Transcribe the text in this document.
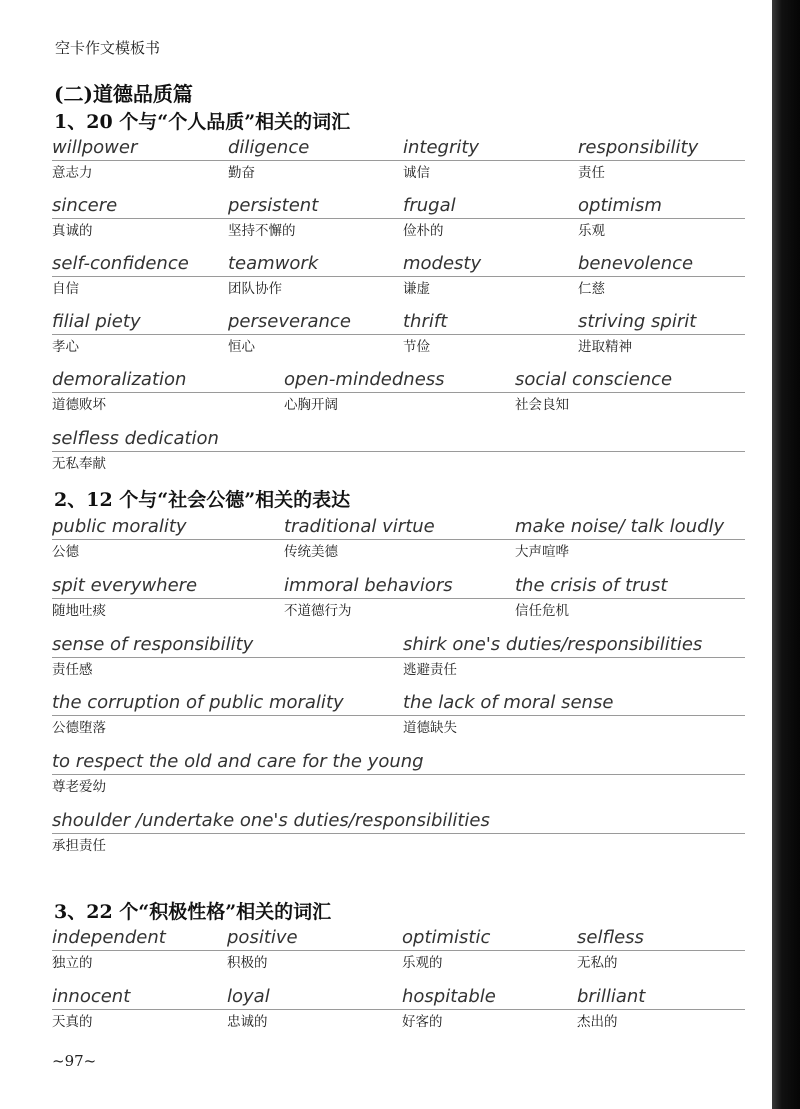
空卡作文模板书
(二)道德品质篇
1、20 个与“个人品质”相关的词汇
willpower
意志力
diligence
勤奋
integrity
诚信
responsibility
责任
sincere
真诚的
persistent
坚持不懈的
frugal
俭朴的
optimism
乐观
self-confidence
自信
teamwork
团队协作
modesty
谦虚
benevolence
仁慈
filial piety
孝心
perseverance
恒心
thrift
节俭
striving spirit
进取精神
demoralization
道德败坏
open-mindedness
心胸开阔
social conscience
社会良知
selfless dedication
无私奉献
2、12 个与“社会公德”相关的表达
public morality
公德
traditional virtue
传统美德
make noise/ talk loudly
大声喧哗
spit everywhere
随地吐痰
immoral behaviors
不道德行为
the crisis of trust
信任危机
sense of responsibility
责任感
shirk one's duties/responsibilities
逃避责任
the corruption of public morality
公德堕落
the lack of moral sense
道德缺失
to respect the old and care for the young
尊老爱幼
shoulder /undertake one's duties/responsibilities
承担责任
3、22 个“积极性格”相关的词汇
independent
独立的
positive
积极的
optimistic
乐观的
selfless
无私的
innocent
天真的
loyal
忠诚的
hospitable
好客的
brilliant
杰出的
~97~
